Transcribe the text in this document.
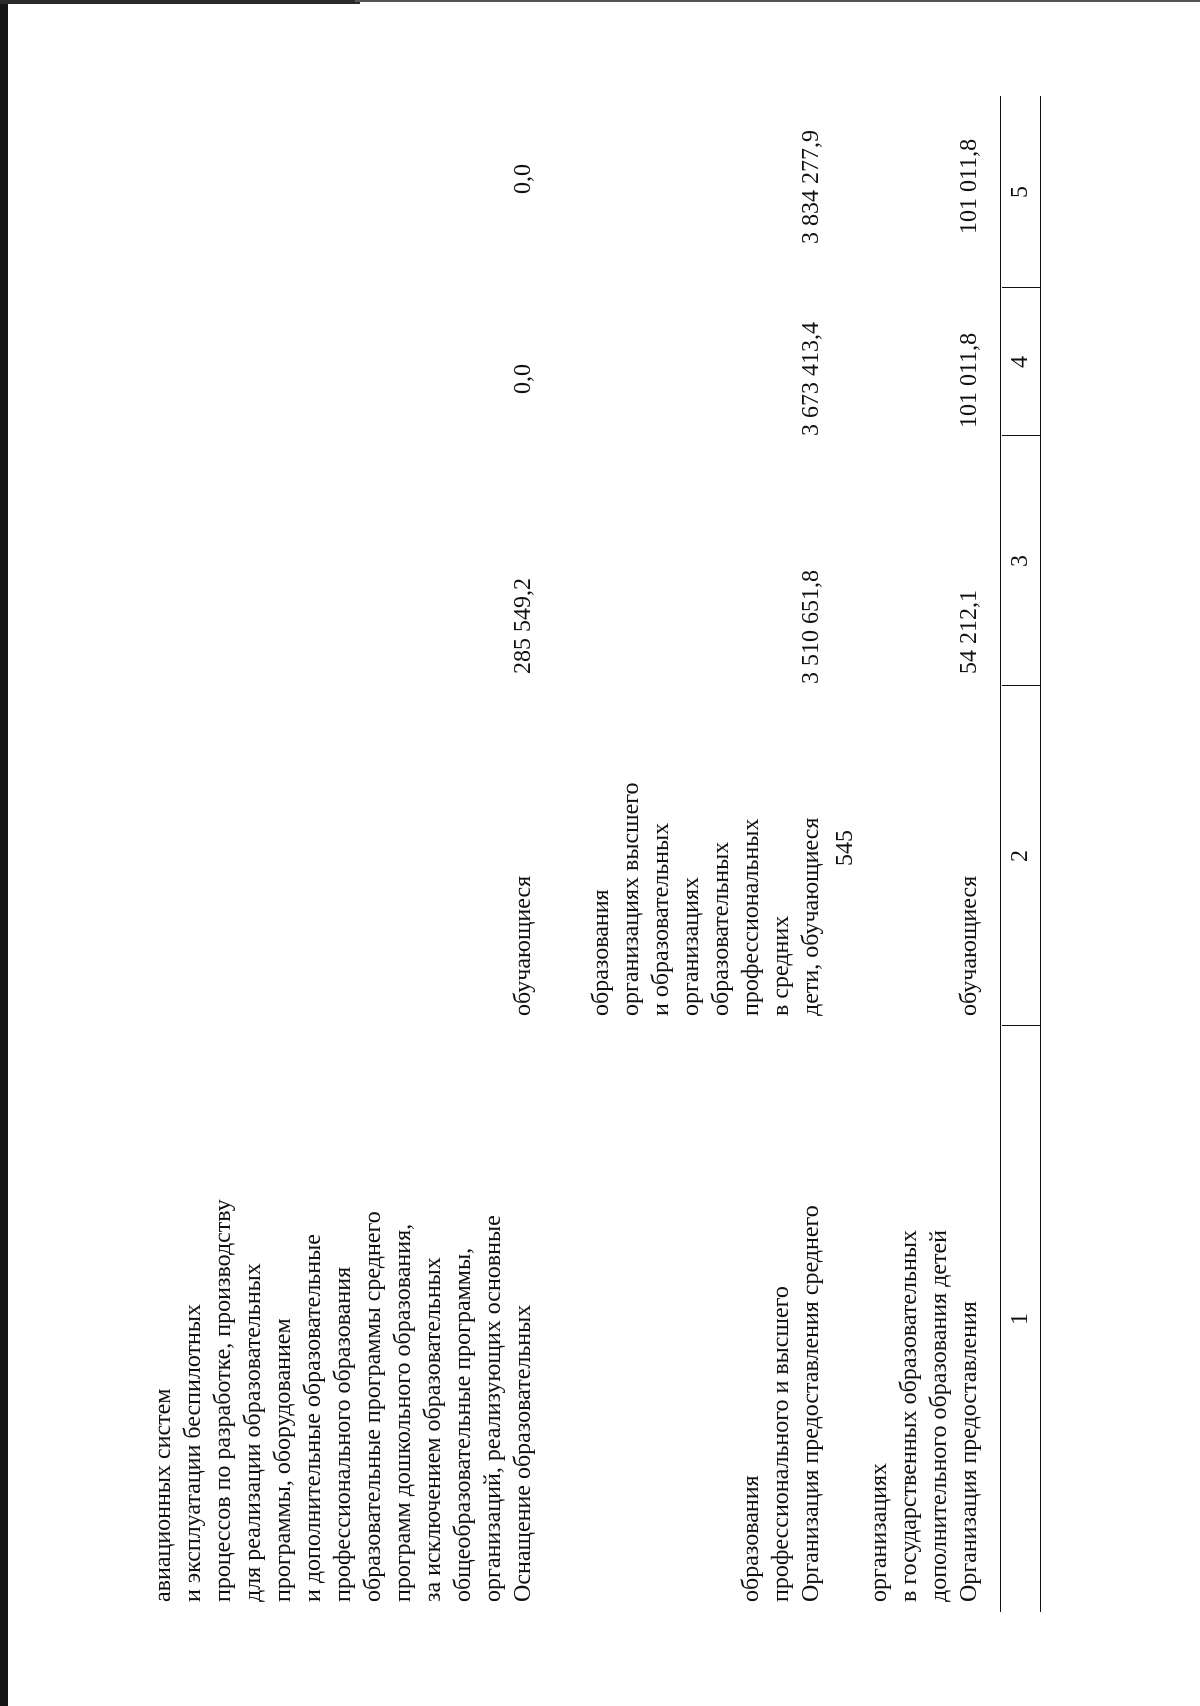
545
1
2
3
4
5
Организация предоставления
дополнительного образования детей
в государственных образовательных
организациях
обучающиеся
54 212,1
101 011,8
101 011,8
Организация предоставления среднего
профессионального и высшего
образования
дети, обучающиеся
в средних
профессиональных
образовательных
организациях
и образовательных
организациях высшего
образования
3 510 651,8
3 673 413,4
3 834 277,9
Оснащение образовательных
организаций, реализующих основные
общеобразовательные программы,
за исключением образовательных
программ дошкольного образования,
образовательные программы среднего
профессионального образования
и дополнительные образовательные
программы, оборудованием
для реализации образовательных
процессов по разработке, производству
и эксплуатации беспилотных
авиационных систем
обучающиеся
285 549,2
0,0
0,0
